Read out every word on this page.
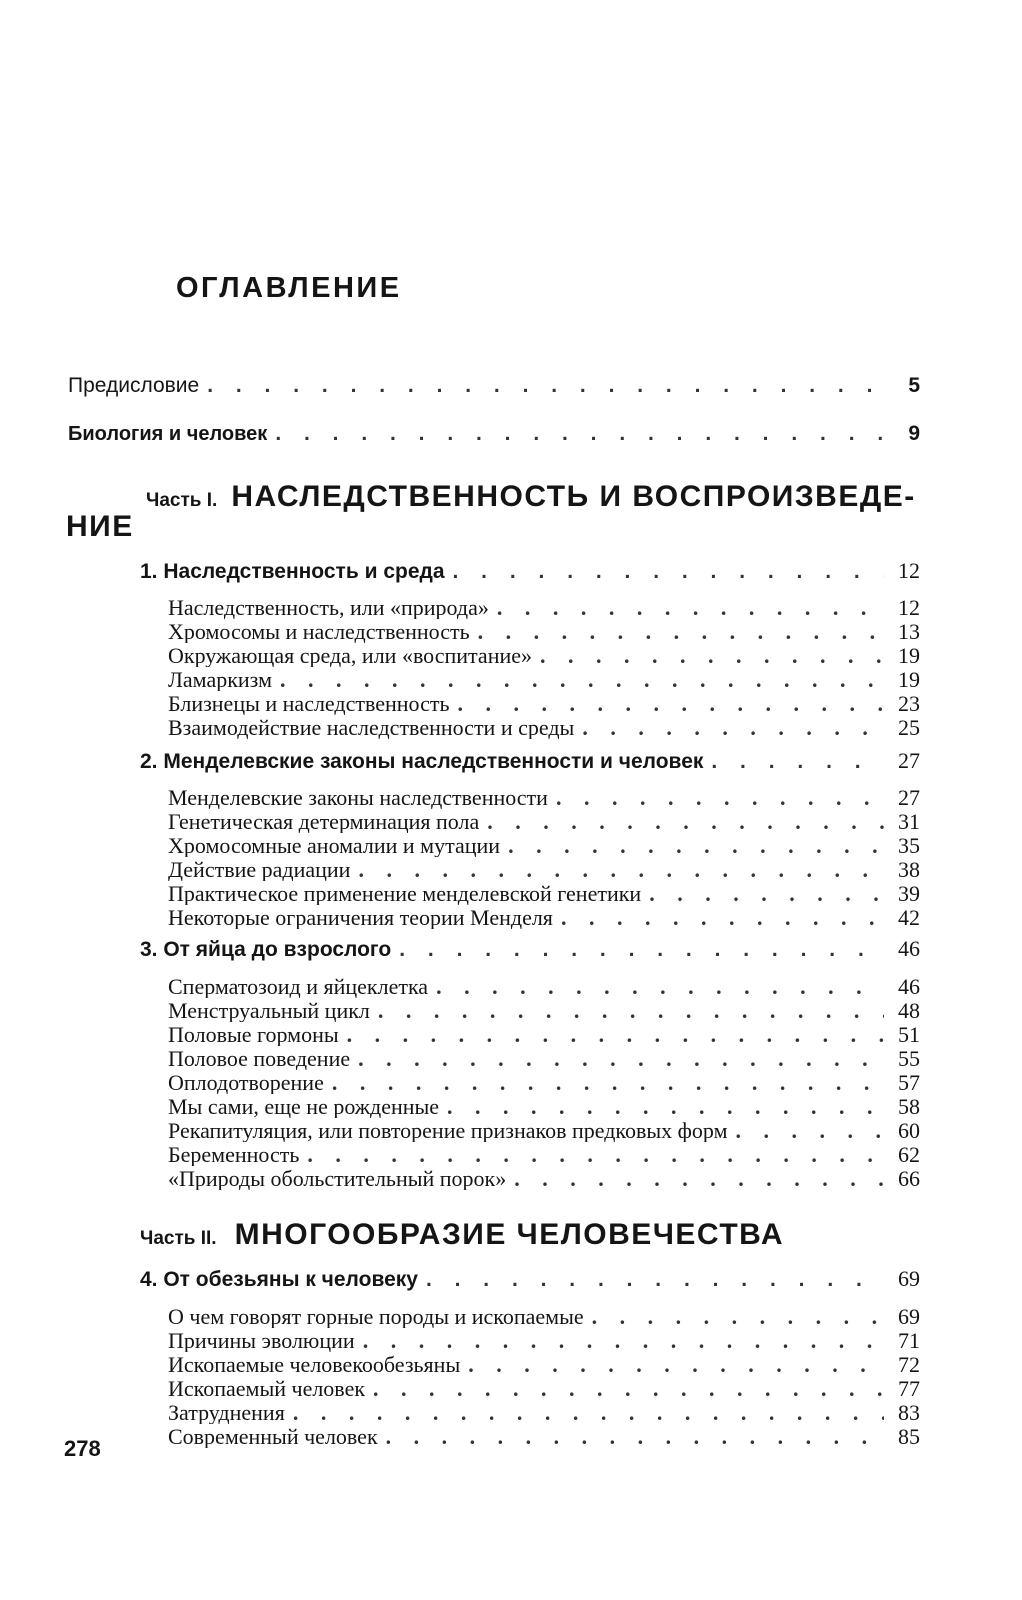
ОГЛАВЛЕНИЕ
Предисловие . . .	5
Биология и человек . . .	9
Часть I. НАСЛЕДСТВЕННОСТЬ И ВОСПРОИЗВЕДЕ-
НИЕ
1. Наследственность и среда . . .	12
Наследственность, или «природа» . . .	12
Хромосомы и наследственность . . .	13
Окружающая среда, или «воспитание» . . .	19
Ламаркизм . . .	19
Близнецы и наследственность . . .	23
Взаимодействие наследственности и среды . . .	25
2. Менделевские законы наследственности и человек . . .	27
Менделевские законы наследственности . . .	27
Генетическая детерминация пола . . .	31
Хромосомные аномалии и мутации . . .	35
Действие радиации . . .	38
Практическое применение менделевской генетики . . .	39
Некоторые ограничения теории Менделя . . .	42
3. От яйца до взрослого . . .	46
Сперматозоид и яйцеклетка . . .	46
Менструальный цикл . . .	48
Половые гормоны . . .	51
Половое поведение . . .	55
Оплодотворение . . .	57
Мы сами, еще не рожденные . . .	58
Рекапитуляция, или повторение признаков предковых форм . . .	60
Беременность . . .	62
«Природы обольстительный порок» . . .	66
Часть II. МНОГООБРАЗИЕ ЧЕЛОВЕЧЕСТВА
4. От обезьяны к человеку . . .	69
О чем говорят горные породы и ископаемые . . .	69
Причины эволюции . . .	71
Ископаемые человекообезьяны . . .	72
Ископаемый человек . . .	77
Затруднения . . .	83
Современный человек . . .	85
278
